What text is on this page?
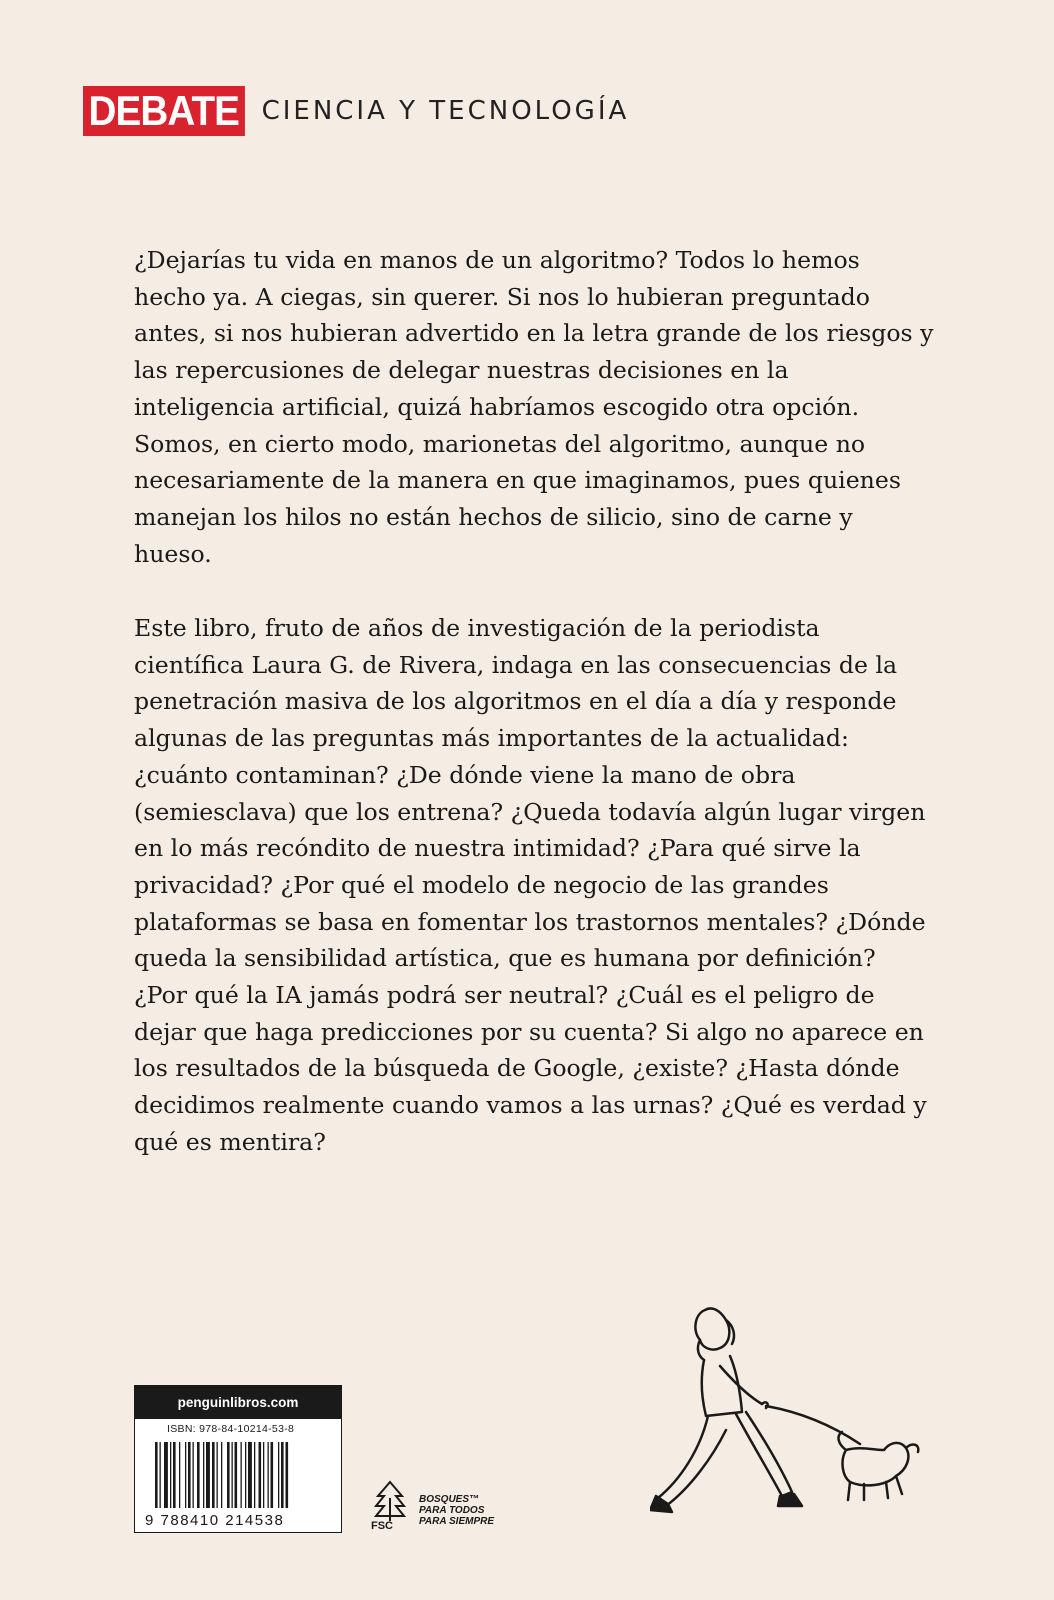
DEBATE CIENCIA Y TECNOLOGÍA

¿Dejarías tu vida en manos de un algoritmo? Todos lo hemos hecho ya. A ciegas, sin querer. Si nos lo hubieran preguntado antes, si nos hubieran advertido en la letra grande de los riesgos y las repercusiones de delegar nuestras decisiones en la inteligencia artificial, quizá habríamos escogido otra opción. Somos, en cierto modo, marionetas del algoritmo, aunque no necesariamente de la manera en que imaginamos, pues quienes manejan los hilos no están hechos de silicio, sino de carne y hueso.

Este libro, fruto de años de investigación de la periodista científica Laura G. de Rivera, indaga en las consecuencias de la penetración masiva de los algoritmos en el día a día y responde algunas de las preguntas más importantes de la actualidad: ¿cuánto contaminan? ¿De dónde viene la mano de obra (semiesclava) que los entrena? ¿Queda todavía algún lugar virgen en lo más recóndito de nuestra intimidad? ¿Para qué sirve la privacidad? ¿Por qué el modelo de negocio de las grandes plataformas se basa en fomentar los trastornos mentales? ¿Dónde queda la sensibilidad artística, que es humana por definición? ¿Por qué la IA jamás podrá ser neutral? ¿Cuál es el peligro de dejar que haga predicciones por su cuenta? Si algo no aparece en los resultados de la búsqueda de Google, ¿existe? ¿Hasta dónde decidimos realmente cuando vamos a las urnas? ¿Qué es verdad y qué es mentira?

penguinlibros.com
ISBN: 978-84-10214-53-8
9 788410 214538	FSC
BOSQUES™
PARA TODOS
PARA SIEMPRE
